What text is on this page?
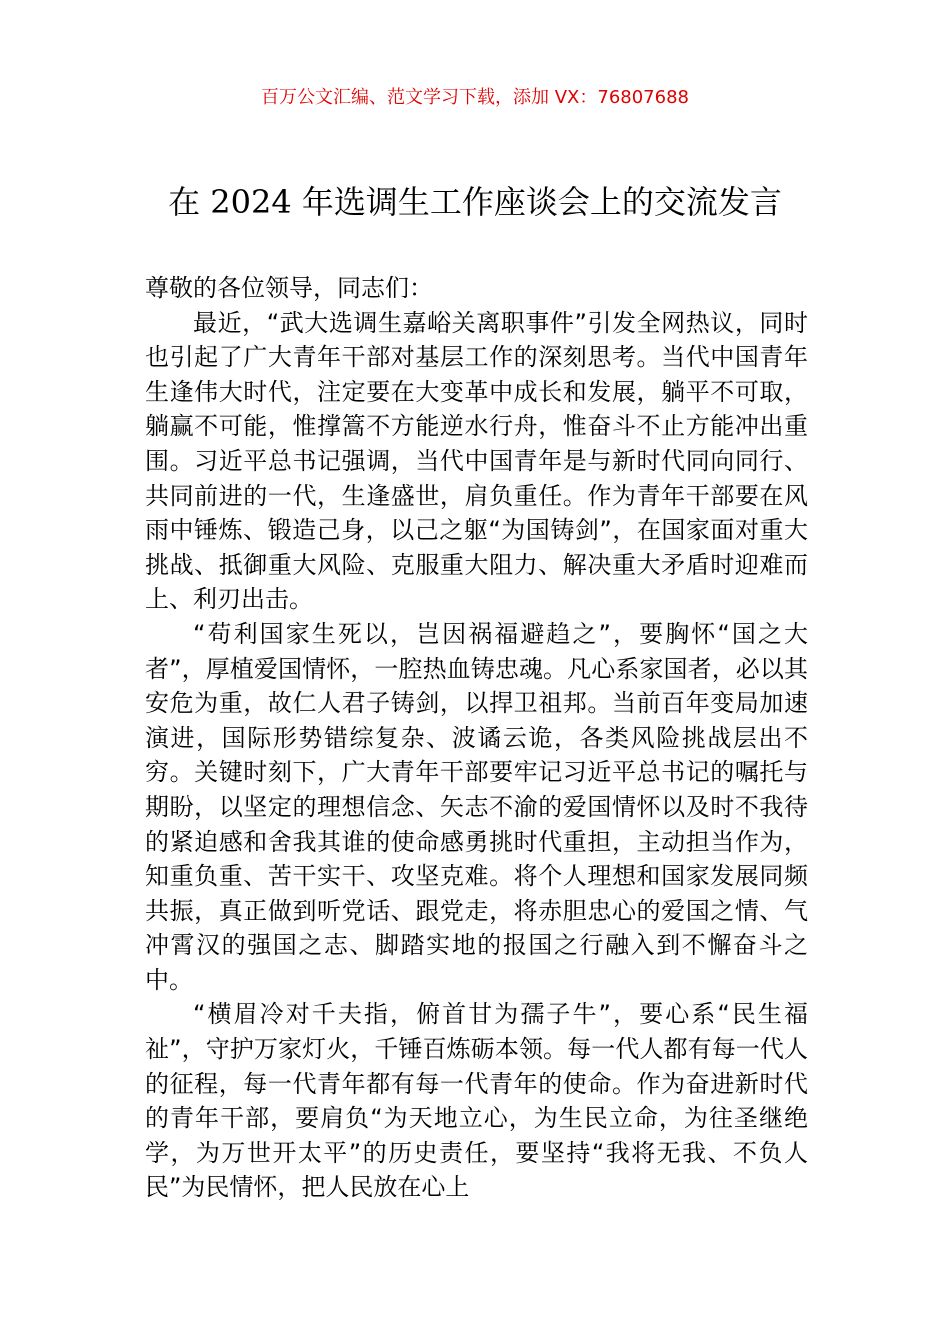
百万公文汇编、范文学习下载，添加 VX：76807688
在 2024 年选调生工作座谈会上的交流发言

尊敬的各位领导，同志们：

最近，“武大选调生嘉峪关离职事件”引发全网热议，同时也引起了广大青年干部对基层工作的深刻思考。当代中国青年生逢伟大时代，注定要在大变革中成长和发展，躺平不可取，躺赢不可能，惟撑篙不方能逆水行舟，惟奋斗不止方能冲出重围。习近平总书记强调，当代中国青年是与新时代同向同行、共同前进的一代，生逢盛世，肩负重任。作为青年干部要在风雨中锤炼、锻造己身，以己之躯“为国铸剑”，在国家面对重大挑战、抵御重大风险、克服重大阻力、解决重大矛盾时迎难而上、利刃出击。

“苟利国家生死以，岂因祸福避趋之”，要胸怀“国之大者”，厚植爱国情怀，一腔热血铸忠魂。凡心系家国者，必以其安危为重，故仁人君子铸剑，以捍卫祖邦。当前百年变局加速演进，国际形势错综复杂、波谲云诡，各类风险挑战层出不穷。关键时刻下，广大青年干部要牢记习近平总书记的嘱托与期盼，以坚定的理想信念、矢志不渝的爱国情怀以及时不我待的紧迫感和舍我其谁的使命感勇挑时代重担，主动担当作为，知重负重、苦干实干、攻坚克难。将个人理想和国家发展同频共振，真正做到听党话、跟党走，将赤胆忠心的爱国之情、气冲霄汉的强国之志、脚踏实地的报国之行融入到不懈奋斗之中。

“横眉冷对千夫指，俯首甘为孺子牛”，要心系“民生福祉”，守护万家灯火，千锤百炼砺本领。每一代人都有每一代人的征程，每一代青年都有每一代青年的使命。作为奋进新时代的青年干部，要肩负“为天地立心，为生民立命，为往圣继绝学，为万世开太平”的历史责任，要坚持“我将无我、不负人民”为民情怀，把人民放在心上
